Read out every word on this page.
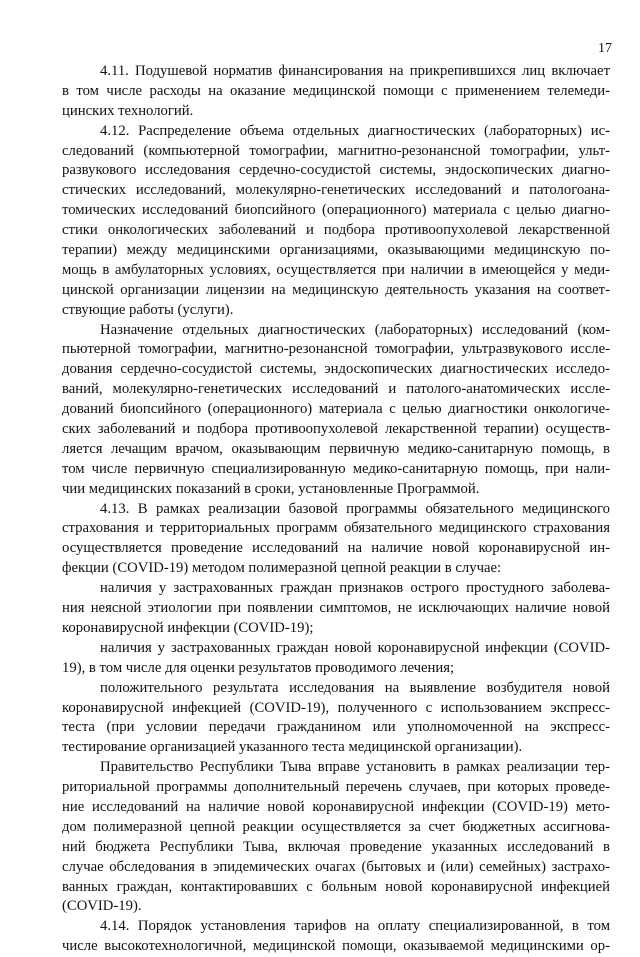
17
4.11. Подушевой норматив финансирования на прикрепившихся лиц включает
в том числе расходы на оказание медицинской помощи с применением телемеди-
цинских технологий.
4.12. Распределение объема отдельных диагностических (лабораторных) ис-
следований (компьютерной томографии, магнитно-резонансной томографии, ульт-
развукового исследования сердечно-сосудистой системы, эндоскопических диагно-
стических исследований, молекулярно-генетических исследований и патологоана-
томических исследований биопсийного (операционного) материала с целью диагно-
стики онкологических заболеваний и подбора противоопухолевой лекарственной
терапии) между медицинскими организациями, оказывающими медицинскую по-
мощь в амбулаторных условиях, осуществляется при наличии в имеющейся у меди-
цинской организации лицензии на медицинскую деятельность указания на соответ-
ствующие работы (услуги).
Назначение отдельных диагностических (лабораторных) исследований (ком-
пьютерной томографии, магнитно-резонансной томографии, ультразвукового иссле-
дования сердечно-сосудистой системы, эндоскопических диагностических исследо-
ваний, молекулярно-генетических исследований и патолого-анатомических иссле-
дований биопсийного (операционного) материала с целью диагностики онкологиче-
ских заболеваний и подбора противоопухолевой лекарственной терапии) осуществ-
ляется лечащим врачом, оказывающим первичную медико-санитарную помощь, в
том числе первичную специализированную медико-санитарную помощь, при нали-
чии медицинских показаний в сроки, установленные Программой.
4.13. В рамках реализации базовой программы обязательного медицинского
страхования и территориальных программ обязательного медицинского страхования
осуществляется проведение исследований на наличие новой коронавирусной ин-
фекции (COVID-19) методом полимеразной цепной реакции в случае:
наличия у застрахованных граждан признаков острого простудного заболева-
ния неясной этиологии при появлении симптомов, не исключающих наличие новой
коронавирусной инфекции (COVID-19);
наличия у застрахованных граждан новой коронавирусной инфекции (COVID-
19), в том числе для оценки результатов проводимого лечения;
положительного результата исследования на выявление возбудителя новой
коронавирусной инфекцией (COVID-19), полученного с использованием экспресс-
теста (при условии передачи гражданином или уполномоченной на экспресс-
тестирование организацией указанного теста медицинской организации).
Правительство Республики Тыва вправе установить в рамках реализации тер-
риториальной программы дополнительный перечень случаев, при которых проведе-
ние исследований на наличие новой коронавирусной инфекции (COVID-19) мето-
дом полимеразной цепной реакции осуществляется за счет бюджетных ассигнова-
ний бюджета Республики Тыва, включая проведение указанных исследований в
случае обследования в эпидемических очагах (бытовых и (или) семейных) застрахо-
ванных граждан, контактировавших с больным новой коронавирусной инфекцией
(COVID-19).
4.14. Порядок установления тарифов на оплату специализированной, в том
числе высокотехнологичной, медицинской помощи, оказываемой медицинскими ор-
